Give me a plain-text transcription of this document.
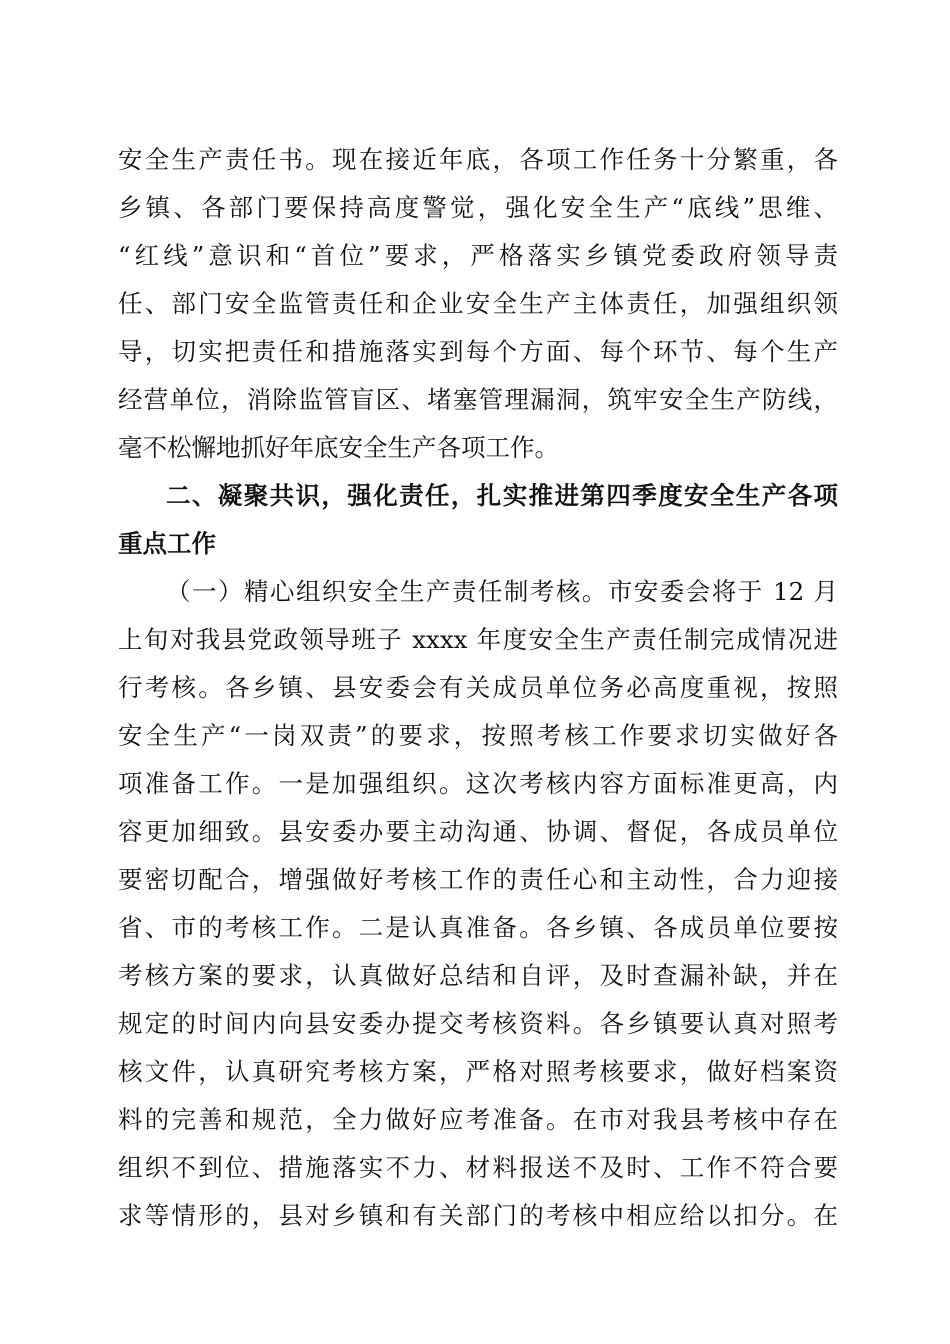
安全生产责任书。现在接近年底，各项工作任务十分繁重，各
乡镇、各部门要保持高度警觉，强化安全生产“底线”思维、
“红线”意识和“首位”要求，严格落实乡镇党委政府领导责
任、部门安全监管责任和企业安全生产主体责任，加强组织领
导，切实把责任和措施落实到每个方面、每个环节、每个生产
经营单位，消除监管盲区、堵塞管理漏洞，筑牢安全生产防线，
毫不松懈地抓好年底安全生产各项工作。
二、凝聚共识，强化责任，扎实推进第四季度安全生产各项
重点工作
（一）精心组织安全生产责任制考核。市安委会将于 12 月
上旬对我县党政领导班子 xxxx 年度安全生产责任制完成情况进
行考核。各乡镇、县安委会有关成员单位务必高度重视，按照
安全生产“一岗双责”的要求，按照考核工作要求切实做好各
项准备工作。一是加强组织。这次考核内容方面标准更高，内
容更加细致。县安委办要主动沟通、协调、督促，各成员单位
要密切配合，增强做好考核工作的责任心和主动性，合力迎接
省、市的考核工作。二是认真准备。各乡镇、各成员单位要按
考核方案的要求，认真做好总结和自评，及时查漏补缺，并在
规定的时间内向县安委办提交考核资料。各乡镇要认真对照考
核文件，认真研究考核方案，严格对照考核要求，做好档案资
料的完善和规范，全力做好应考准备。在市对我县考核中存在
组织不到位、措施落实不力、材料报送不及时、工作不符合要
求等情形的，县对乡镇和有关部门的考核中相应给以扣分。在
